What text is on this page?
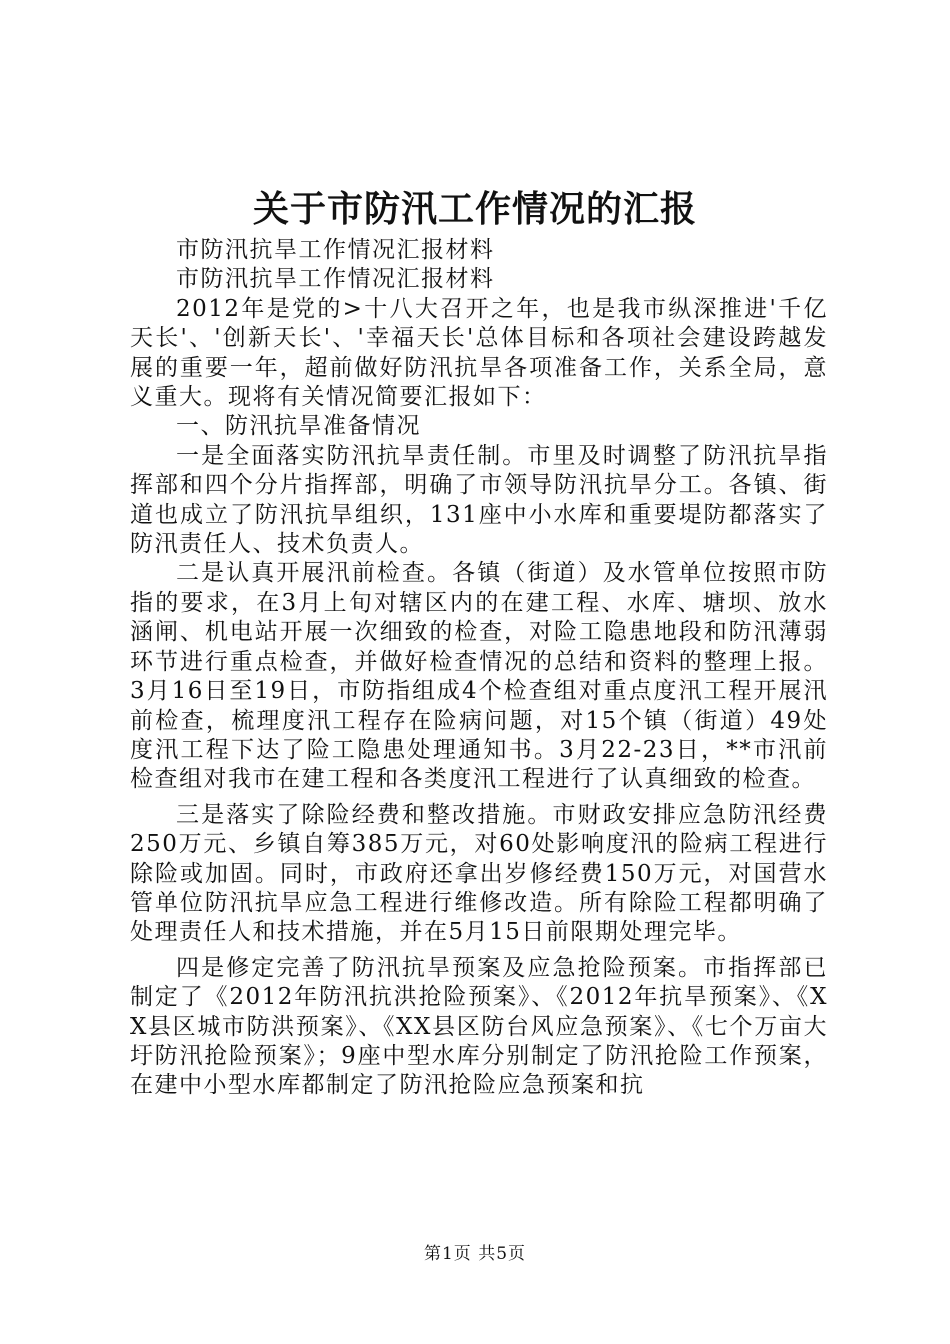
关于市防汛工作情况的汇报

市防汛抗旱工作情况汇报材料

市防汛抗旱工作情况汇报材料

2012年是党的>十八大召开之年，也是我市纵深推进'千亿天长'、'创新天长'、'幸福天长'总体目标和各项社会建设跨越发展的重要一年，超前做好防汛抗旱各项准备工作，关系全局，意义重大。现将有关情况简要汇报如下：

一、防汛抗旱准备情况

一是全面落实防汛抗旱责任制。市里及时调整了防汛抗旱指挥部和四个分片指挥部，明确了市领导防汛抗旱分工。各镇、街道也成立了防汛抗旱组织，131座中小水库和重要堤防都落实了防汛责任人、技术负责人。

二是认真开展汛前检查。各镇（街道）及水管单位按照市防指的要求，在3月上旬对辖区内的在建工程、水库、塘坝、放水涵闸、机电站开展一次细致的检查，对险工隐患地段和防汛薄弱环节进行重点检查，并做好检查情况的总结和资料的整理上报。3月16日至19日，市防指组成4个检查组对重点度汛工程开展汛前检查，梳理度汛工程存在险病问题，对15个镇（街道）49处度汛工程下达了险工隐患处理通知书。3月22-23日，**市汛前检查组对我市在建工程和各类度汛工程进行了认真细致的检查。

三是落实了除险经费和整改措施。市财政安排应急防汛经费250万元、乡镇自筹385万元，对60处影响度汛的险病工程进行除险或加固。同时，市政府还拿出岁修经费150万元，对国营水管单位防汛抗旱应急工程进行维修改造。所有除险工程都明确了处理责任人和技术措施，并在5月15日前限期处理完毕。

四是修定完善了防汛抗旱预案及应急抢险预案。市指挥部已制定了《2012年防汛抗洪抢险预案》、《2012年抗旱预案》、《XX县区城市防洪预案》、《XX县区防台风应急预案》、《七个万亩大圩防汛抢险预案》；9座中型水库分别制定了防汛抢险工作预案，在建中小型水库都制定了防汛抢险应急预案和抗

第1页 共5页
